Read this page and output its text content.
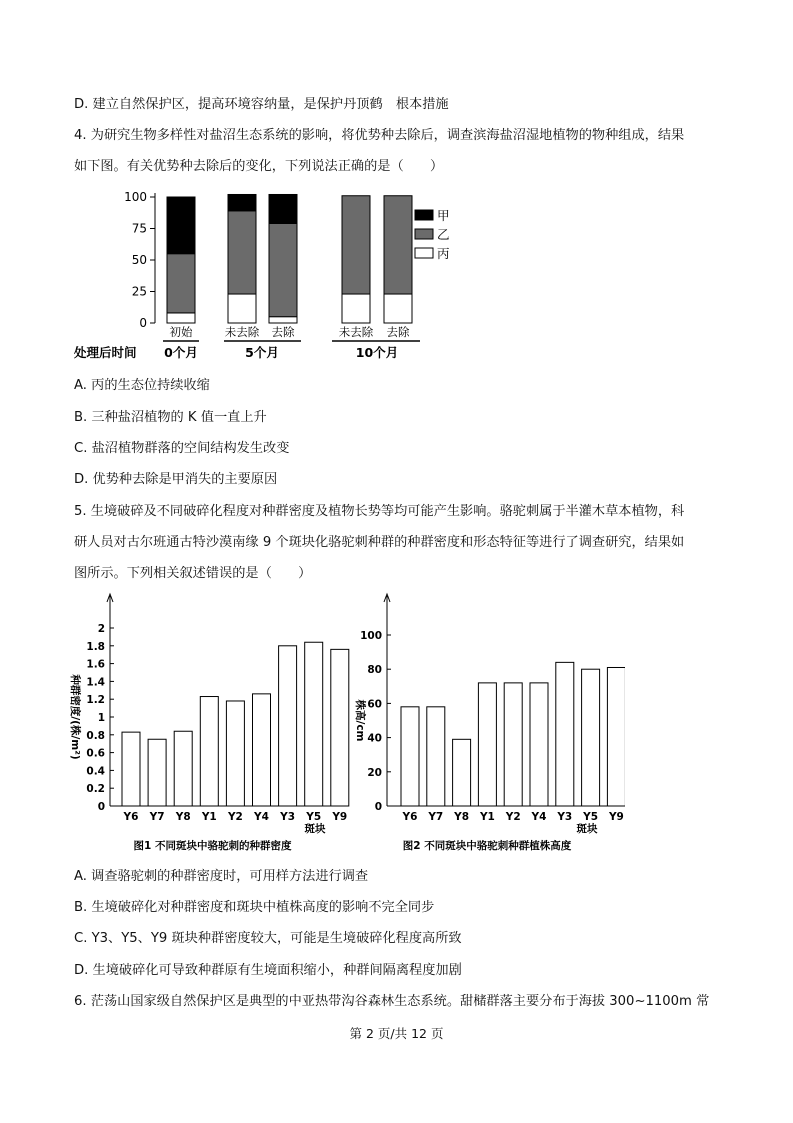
D. 建立自然保护区，提高环境容纳量，是保护丹顶鹤　根本措施
4. 为研究生物多样性对盐沼生态系统的影响，将优势种去除后，调查滨海盐沼湿地植物的物种组成，结果
如下图。有关优势种去除后的变化，下列说法正确的是（　　）
0
25
50
75
100
初始	未去除 去除	未去除 去除
0个月	5个月	10个月
处理后时间
甲
乙
丙
A. 丙的生态位持续收缩
B. 三种盐沼植物的 K 值一直上升
C. 盐沼植物群落的空间结构发生改变
D. 优势种去除是甲消失的主要原因
5. 生境破碎及不同破碎化程度对种群密度及植物长势等均可能产生影响。骆驼刺属于半灌木草本植物，科
研人员对古尔班通古特沙漠南缘 9 个斑块化骆驼刺种群的种群密度和形态特征等进行了调查研究，结果如
图所示。下列相关叙述错误的是（　　）
0
0.2
0.4
0.6
0.8
1
1.2
1.4
1.6
1.8
2
Y6 Y7 Y8 Y1 Y2 Y4 Y3 Y5 Y9
斑块
图1 不同斑块中骆驼刺的种群密度
种群密度/(株/m²)
0
20
40
60
80
100
Y6 Y7 Y8 Y1 Y2 Y4 Y3 Y5 Y9
斑块
图2 不同斑块中骆驼刺种群植株高度
株高/cm
A. 调查骆驼刺的种群密度时，可用样方法进行调查
B. 生境破碎化对种群密度和斑块中植株高度的影响不完全同步
C. Y3、Y5、Y9 斑块种群密度较大，可能是生境破碎化程度高所致
D. 生境破碎化可导致种群原有生境面积缩小，种群间隔离程度加剧
6. 茫荡山国家级自然保护区是典型的中亚热带沟谷森林生态系统。甜槠群落主要分布于海拔 300~1100m 常
第 2 页/共 12 页
